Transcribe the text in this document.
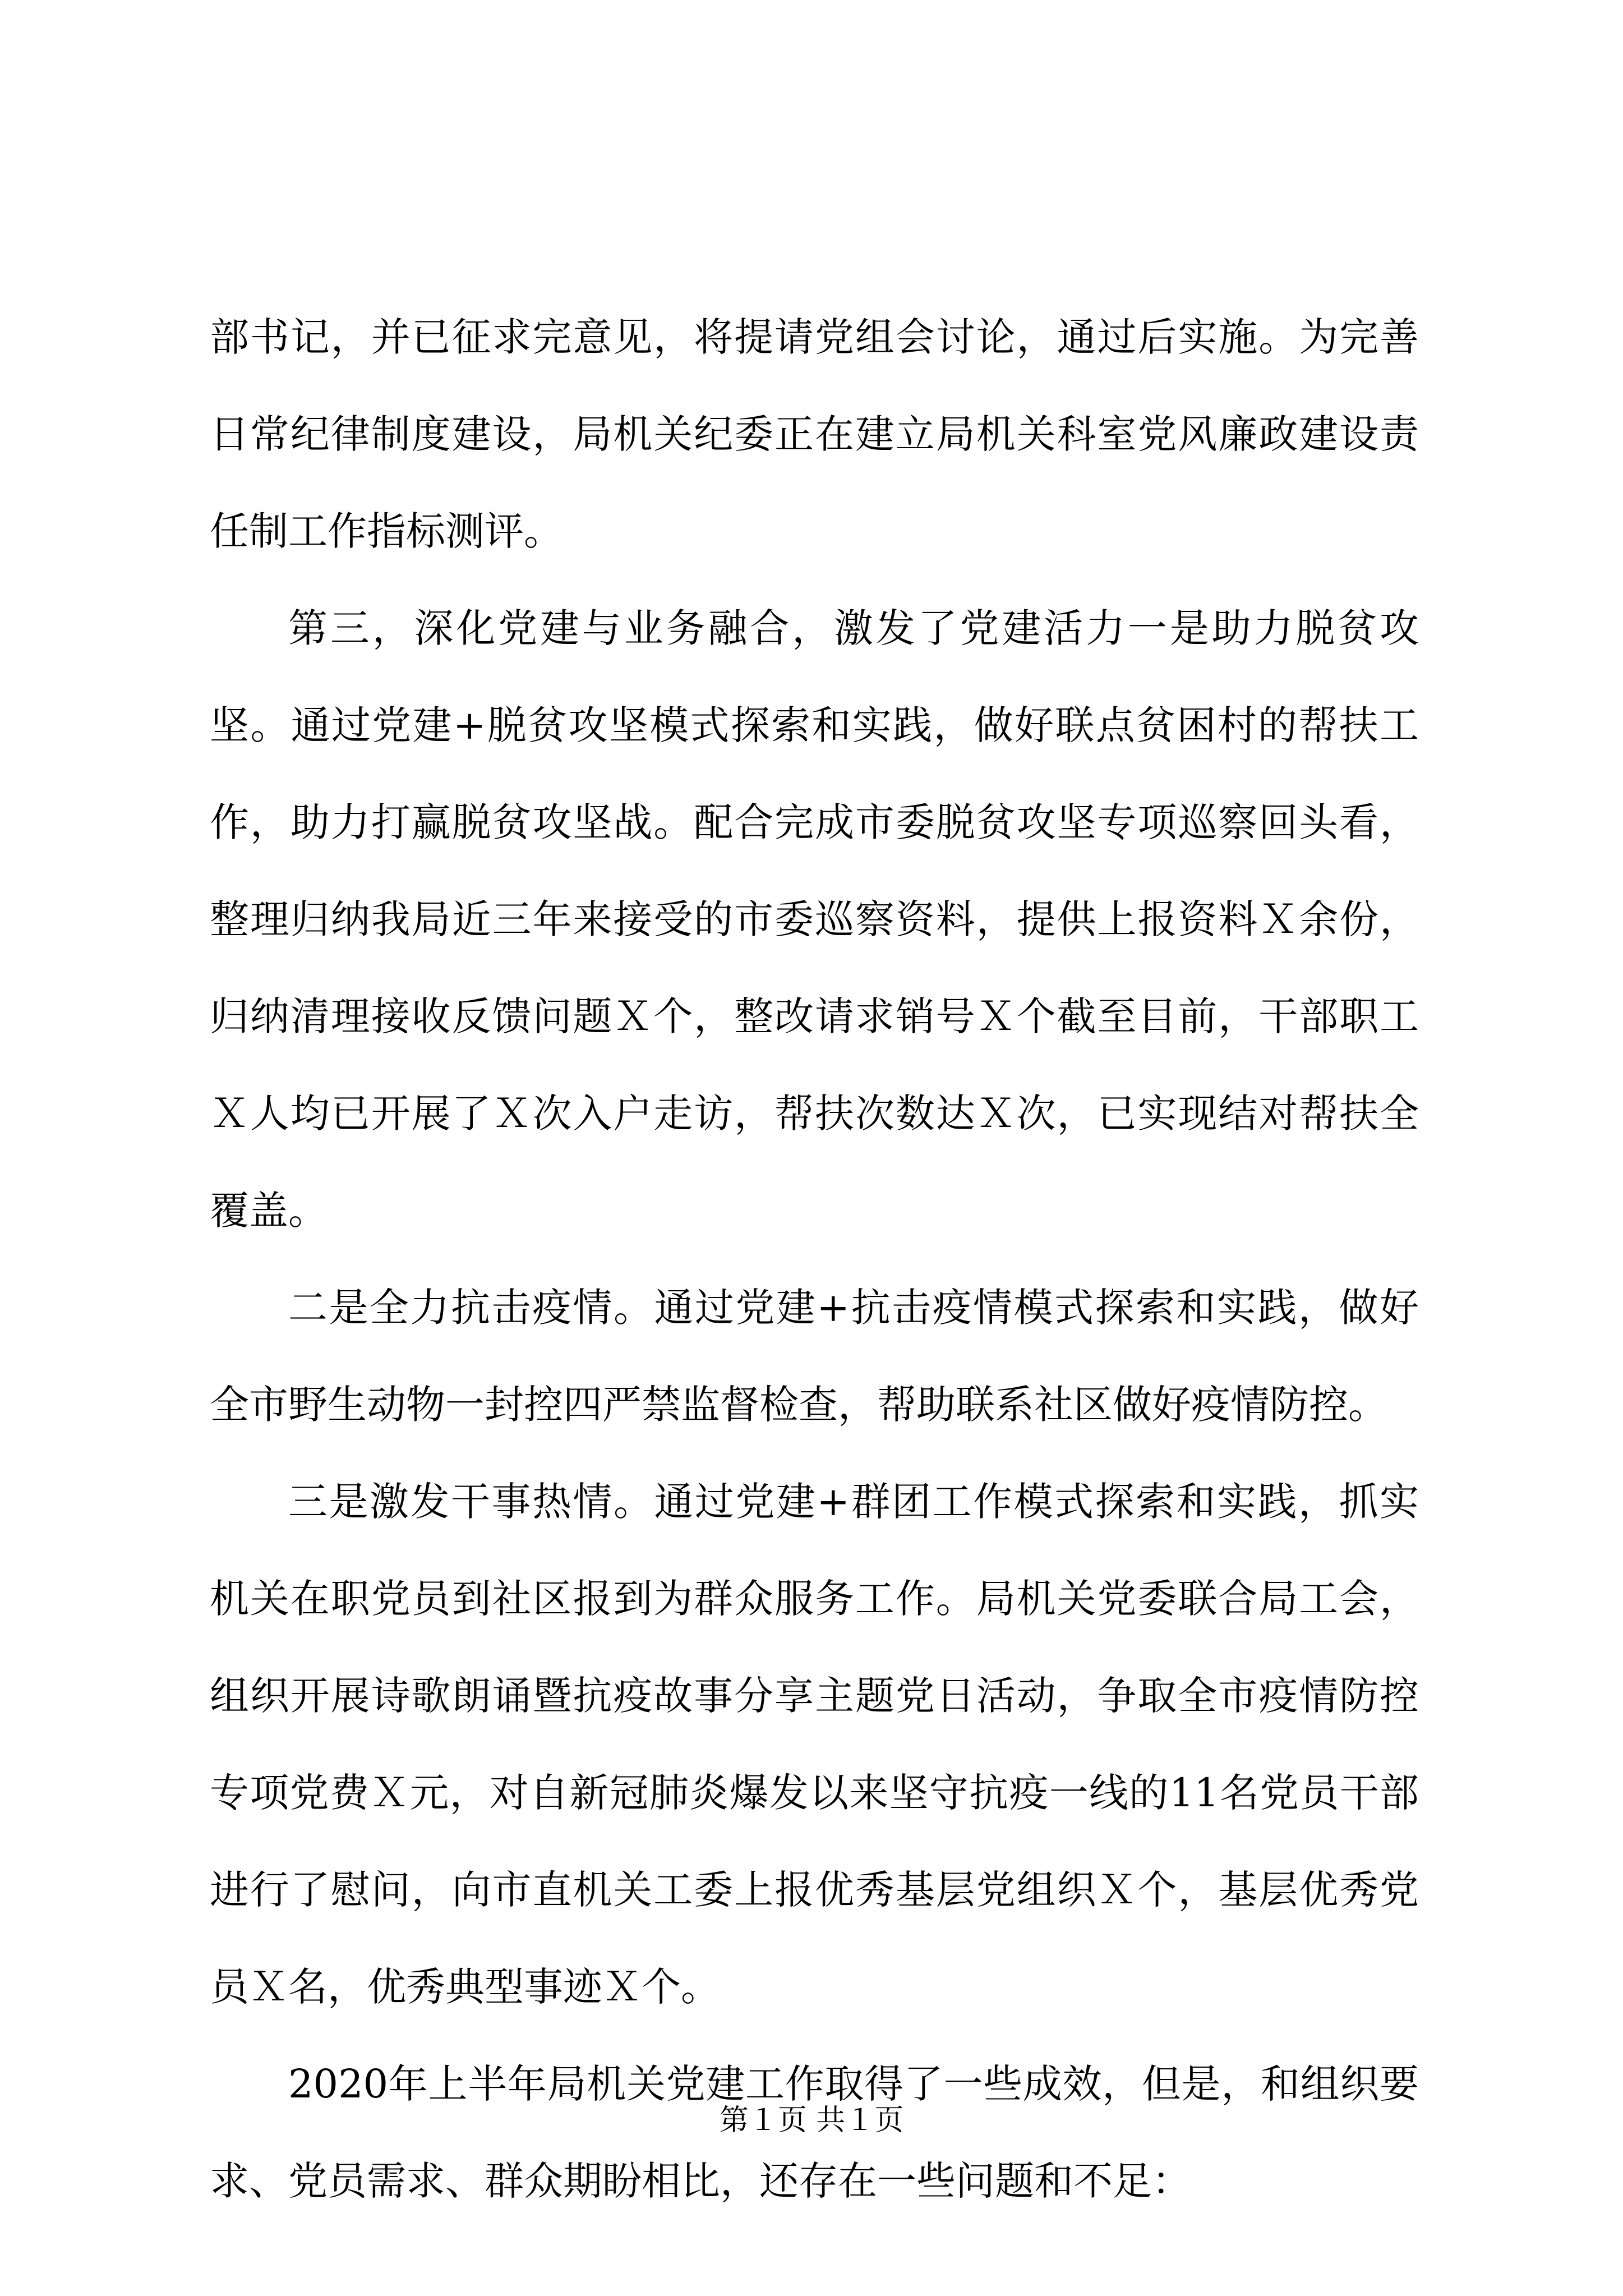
部书记，并已征求完意见，将提请党组会讨论，通过后实施。为完善日常纪律制度建设，局机关纪委正在建立局机关科室党风廉政建设责任制工作指标测评。

第三，深化党建与业务融合，激发了党建活力一是助力脱贫攻坚。通过党建+脱贫攻坚模式探索和实践，做好联点贫困村的帮扶工作，助力打赢脱贫攻坚战。配合完成市委脱贫攻坚专项巡察回头看，整理归纳我局近三年来接受的市委巡察资料，提供上报资料Ｘ余份，归纳清理接收反馈问题Ｘ个，整改请求销号Ｘ个截至目前，干部职工Ｘ人均已开展了Ｘ次入户走访，帮扶次数达Ｘ次，已实现结对帮扶全覆盖。

二是全力抗击疫情。通过党建+抗击疫情模式探索和实践，做好全市野生动物一封控四严禁监督检查，帮助联系社区做好疫情防控。

三是激发干事热情。通过党建+群团工作模式探索和实践，抓实机关在职党员到社区报到为群众服务工作。局机关党委联合局工会，组织开展诗歌朗诵暨抗疫故事分享主题党日活动，争取全市疫情防控专项党费Ｘ元，对自新冠肺炎爆发以来坚守抗疫一线的11名党员干部进行了慰问，向市直机关工委上报优秀基层党组织Ｘ个，基层优秀党员Ｘ名，优秀典型事迹Ｘ个。

2020年上半年局机关党建工作取得了一些成效，但是，和组织要求、党员需求、群众期盼相比，还存在一些问题和不足：

第１页 共１页
